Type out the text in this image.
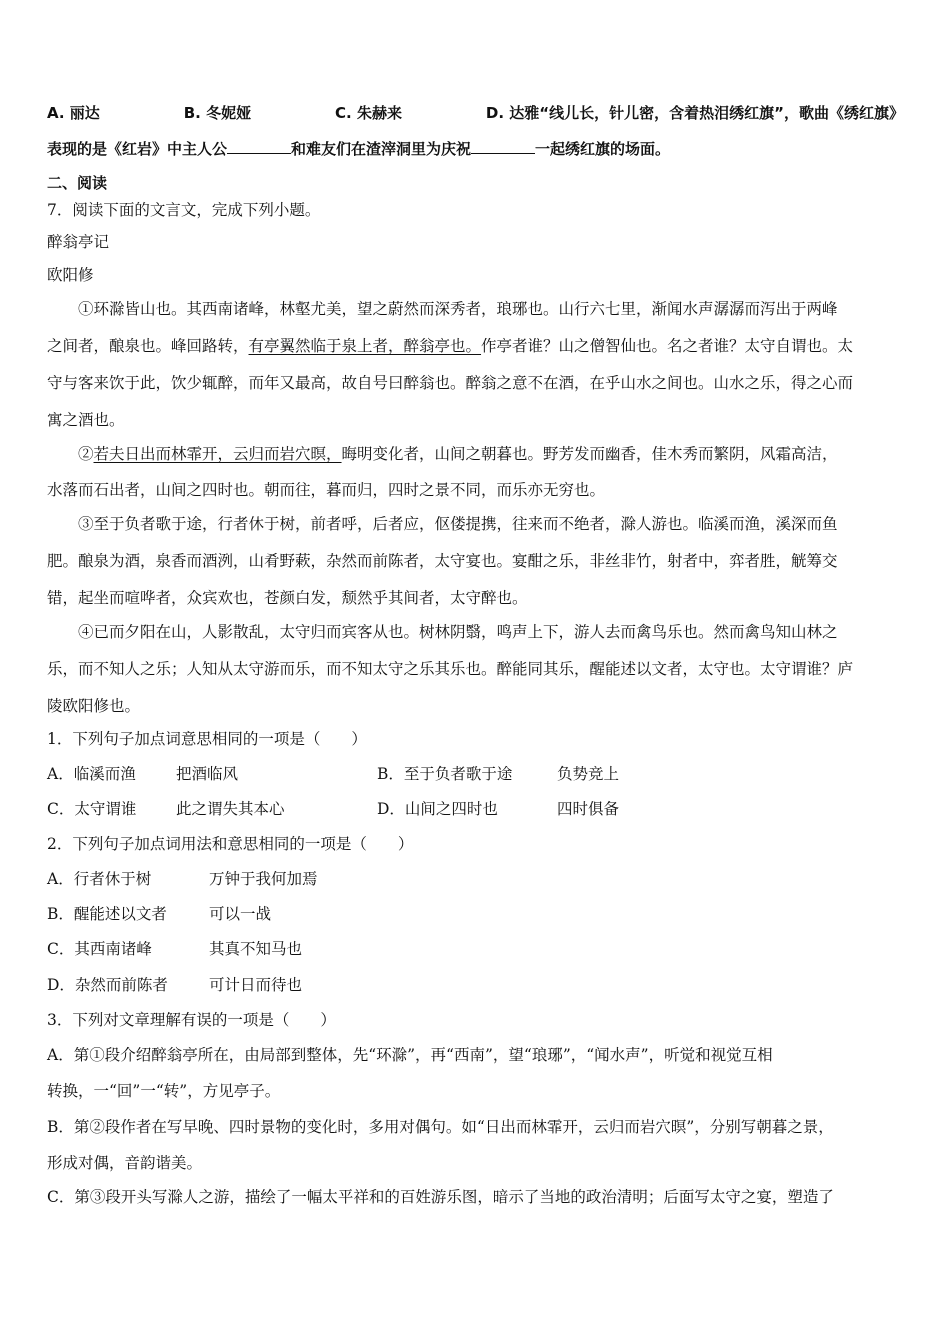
A. 丽达	B. 冬妮娅	C. 朱赫来	D. 达雅“线儿长，针儿密，含着热泪绣红旗”，歌曲《绣红旗》
表现的是《红岩》中主人公	和难友们在渣滓洞里为庆祝	一起绣红旗的场面。
二、阅读
7．阅读下面的文言文，完成下列小题。
醉翁亭记
欧阳修
①环滁皆山也。其西南诸峰，林壑尤美，望之蔚然而深秀者，琅琊也。山行六七里，渐闻水声潺潺而泻出于两峰
之间者，酿泉也。峰回路转，有亭翼然临于泉上者，醉翁亭也。作亭者谁？山之僧智仙也。名之者谁？太守自谓也。太
守与客来饮于此，饮少辄醉，而年又最高，故自号曰醉翁也。醉翁之意不在酒，在乎山水之间也。山水之乐，得之心而
寓之酒也。
②若夫日出而林霏开，云归而岩穴暝，晦明变化者，山间之朝暮也。野芳发而幽香，佳木秀而繁阴，风霜高洁，
水落而石出者，山间之四时也。朝而往，暮而归，四时之景不同，而乐亦无穷也。
③至于负者歌于途，行者休于树，前者呼，后者应，伛偻提携，往来而不绝者，滁人游也。临溪而渔，溪深而鱼
肥。酿泉为酒，泉香而酒洌，山肴野蔌，杂然而前陈者，太守宴也。宴酣之乐，非丝非竹，射者中，弈者胜，觥筹交
错，起坐而喧哗者，众宾欢也，苍颜白发，颓然乎其间者，太守醉也。
④已而夕阳在山，人影散乱，太守归而宾客从也。树林阴翳，鸣声上下，游人去而禽鸟乐也。然而禽鸟知山林之
乐，而不知人之乐；人知从太守游而乐，而不知太守之乐其乐也。醉能同其乐，醒能述以文者，太守也。太守谓谁？庐
陵欧阳修也。
1．下列句子加点词意思相同的一项是（　　）
A．临溪而渔	把酒临风	B．至于负者歌于途	负势竞上
C．太守谓谁	此之谓失其本心	D．山间之四时也	四时俱备
2．下列句子加点词用法和意思相同的一项是（　　）
A．行者休于树	万钟于我何加焉
B．醒能述以文者	可以一战
C．其西南诸峰	其真不知马也
D．杂然而前陈者	可计日而待也
3．下列对文章理解有误的一项是（　　）
A．第①段介绍醉翁亭所在，由局部到整体，先“环滁”，再“西南”，望“琅琊”，“闻水声”，听觉和视觉互相
转换，一“回”一“转”，方见亭子。
B．第②段作者在写早晚、四时景物的变化时，多用对偶句。如“日出而林霏开，云归而岩穴暝”，分别写朝暮之景，
形成对偶，音韵谐美。
C．第③段开头写滁人之游，描绘了一幅太平祥和的百姓游乐图，暗示了当地的政治清明；后面写太守之宴，塑造了
